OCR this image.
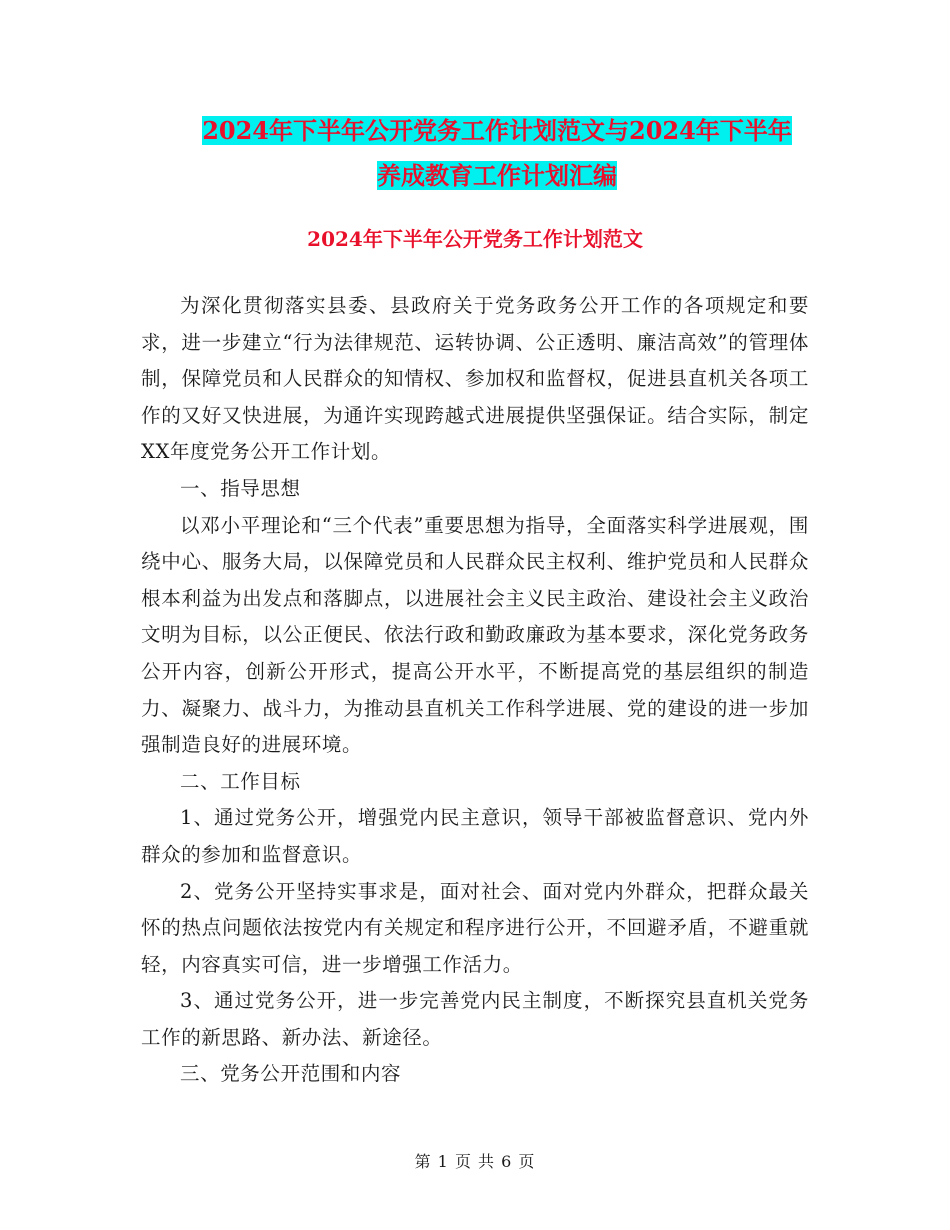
2024年下半年公开党务工作计划范文与2024年下半年
养成教育工作计划汇编
2024年下半年公开党务工作计划范文

为深化贯彻落实县委、县政府关于党务政务公开工作的各项规定和要求，进一步建立“行为法律规范、运转协调、公正透明、廉洁高效”的管理体制，保障党员和人民群众的知情权、参加权和监督权，促进县直机关各项工作的又好又快进展，为通许实现跨越式进展提供坚强保证。结合实际，制定XX年度党务公开工作计划。

一、指导思想

以邓小平理论和“三个代表”重要思想为指导，全面落实科学进展观，围绕中心、服务大局，以保障党员和人民群众民主权利、维护党员和人民群众根本利益为出发点和落脚点，以进展社会主义民主政治、建设社会主义政治文明为目标，以公正便民、依法行政和勤政廉政为基本要求，深化党务政务公开内容，创新公开形式，提高公开水平，不断提高党的基层组织的制造力、凝聚力、战斗力，为推动县直机关工作科学进展、党的建设的进一步加强制造良好的进展环境。

二、工作目标

1、通过党务公开，增强党内民主意识，领导干部被监督意识、党内外群众的参加和监督意识。

2、党务公开坚持实事求是，面对社会、面对党内外群众，把群众最关怀的热点问题依法按党内有关规定和程序进行公开，不回避矛盾，不避重就轻，内容真实可信，进一步增强工作活力。

3、通过党务公开，进一步完善党内民主制度，不断探究县直机关党务工作的新思路、新办法、新途径。

三、党务公开范围和内容

第 1 页 共 6 页
